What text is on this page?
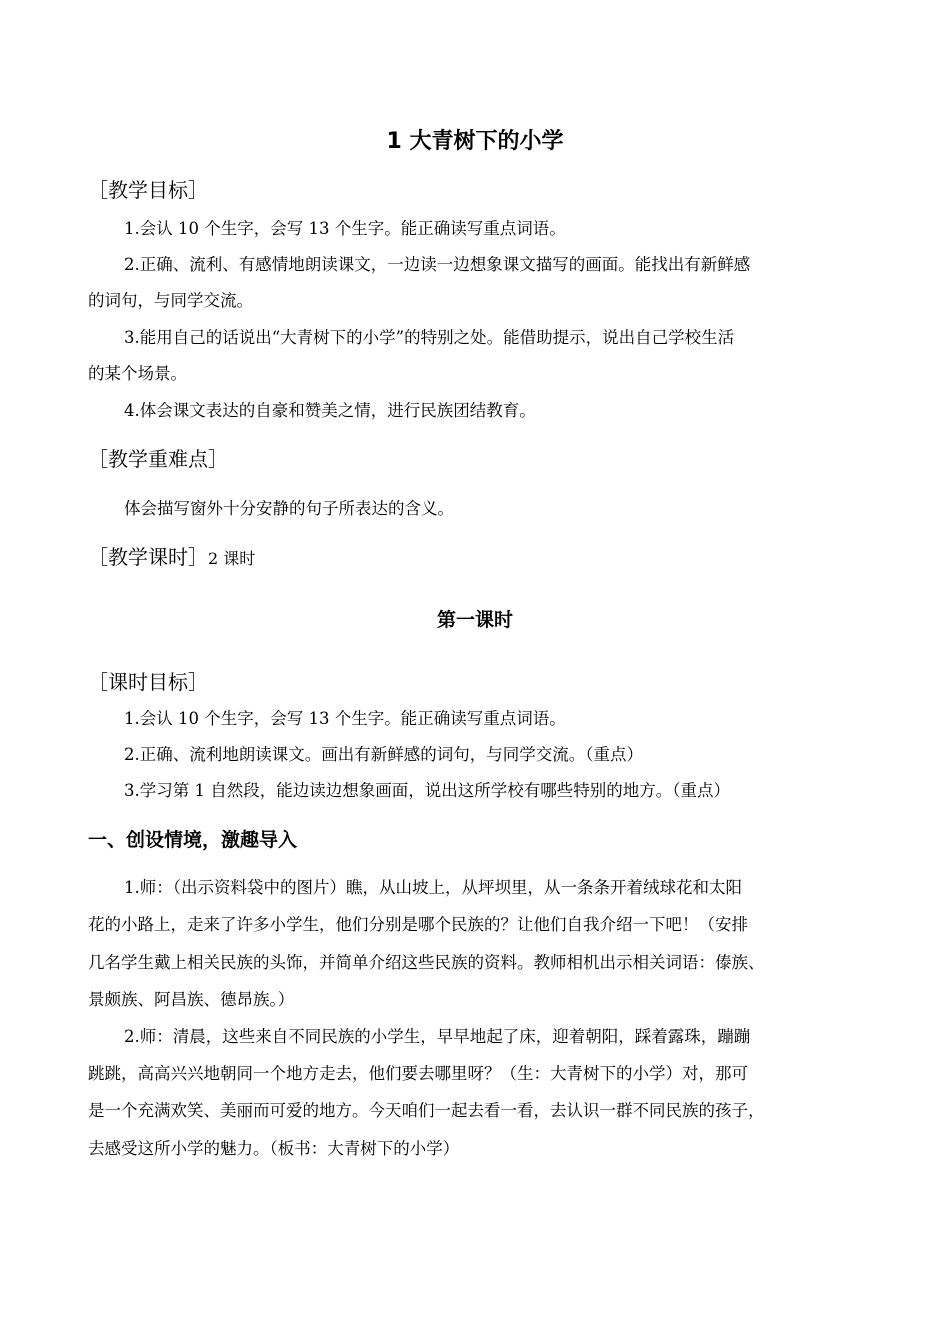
1 大青树下的小学
［教学目标］

1.会认 10 个生字，会写 13 个生字。能正确读写重点词语。

2.正确、流利、有感情地朗读课文，一边读一边想象课文描写的画面。能找出有新鲜感

的词句，与同学交流。

3.能用自己的话说出“大青树下的小学”的特别之处。能借助提示，说出自己学校生活

的某个场景。

4.体会课文表达的自豪和赞美之情，进行民族团结教育。

［教学重难点］

体会描写窗外十分安静的句子所表达的含义。

［教学课时］2 课时
第一课时
［课时目标］

1.会认 10 个生字，会写 13 个生字。能正确读写重点词语。

2.正确、流利地朗读课文。画出有新鲜感的词句，与同学交流。（重点）

3.学习第 1 自然段，能边读边想象画面，说出这所学校有哪些特别的地方。（重点）

一、创设情境，激趣导入

1.师：（出示资料袋中的图片）瞧，从山坡上，从坪坝里，从一条条开着绒球花和太阳

花的小路上，走来了许多小学生，他们分别是哪个民族的？让他们自我介绍一下吧！（安排

几名学生戴上相关民族的头饰，并简单介绍这些民族的资料。教师相机出示相关词语：傣族、

景颇族、阿昌族、德昂族。）

2.师：清晨，这些来自不同民族的小学生，早早地起了床，迎着朝阳，踩着露珠，蹦蹦

跳跳，高高兴兴地朝同一个地方走去，他们要去哪里呀？（生：大青树下的小学）对，那可

是一个充满欢笑、美丽而可爱的地方。今天咱们一起去看一看，去认识一群不同民族的孩子，

去感受这所小学的魅力。（板书：大青树下的小学）
